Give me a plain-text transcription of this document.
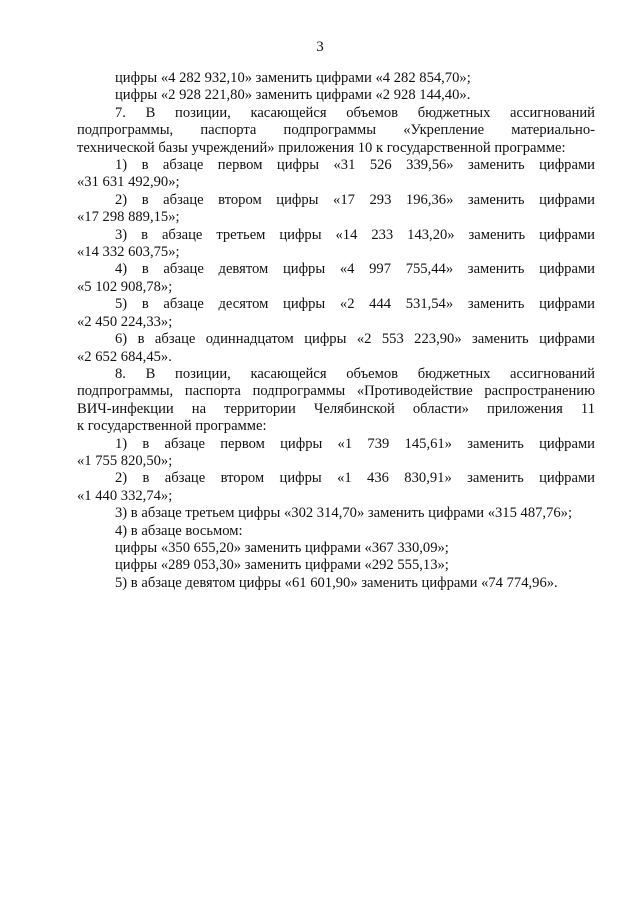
3

цифры «4 282 932,10» заменить цифрами «4 282 854,70»;

цифры «2 928 221,80» заменить цифрами «2 928 144,40».

7. В позиции, касающейся объемов бюджетных ассигнований

подпрограммы, паспорта подпрограммы «Укрепление материально-

технической базы учреждений» приложения 10 к государственной программе:

1) в абзаце первом цифры «31 526 339,56» заменить цифрами

«31 631 492,90»;

2) в абзаце втором цифры «17 293 196,36» заменить цифрами

«17 298 889,15»;

3) в абзаце третьем цифры «14 233 143,20» заменить цифрами

«14 332 603,75»;

4) в абзаце девятом цифры «4 997 755,44» заменить цифрами

«5 102 908,78»;

5) в абзаце десятом цифры «2 444 531,54» заменить цифрами

«2 450 224,33»;

6) в абзаце одиннадцатом цифры «2 553 223,90» заменить цифрами

«2 652 684,45».

8. В позиции, касающейся объемов бюджетных ассигнований

подпрограммы, паспорта подпрограммы «Противодействие распространению

ВИЧ-инфекции на территории Челябинской области» приложения 11

к государственной программе:

1) в абзаце первом цифры «1 739 145,61» заменить цифрами

«1 755 820,50»;

2) в абзаце втором цифры «1 436 830,91» заменить цифрами

«1 440 332,74»;

3) в абзаце третьем цифры «302 314,70» заменить цифрами «315 487,76»;

4) в абзаце восьмом:

цифры «350 655,20» заменить цифрами «367 330,09»;

цифры «289 053,30» заменить цифрами «292 555,13»;

5) в абзаце девятом цифры «61 601,90» заменить цифрами «74 774,96».
